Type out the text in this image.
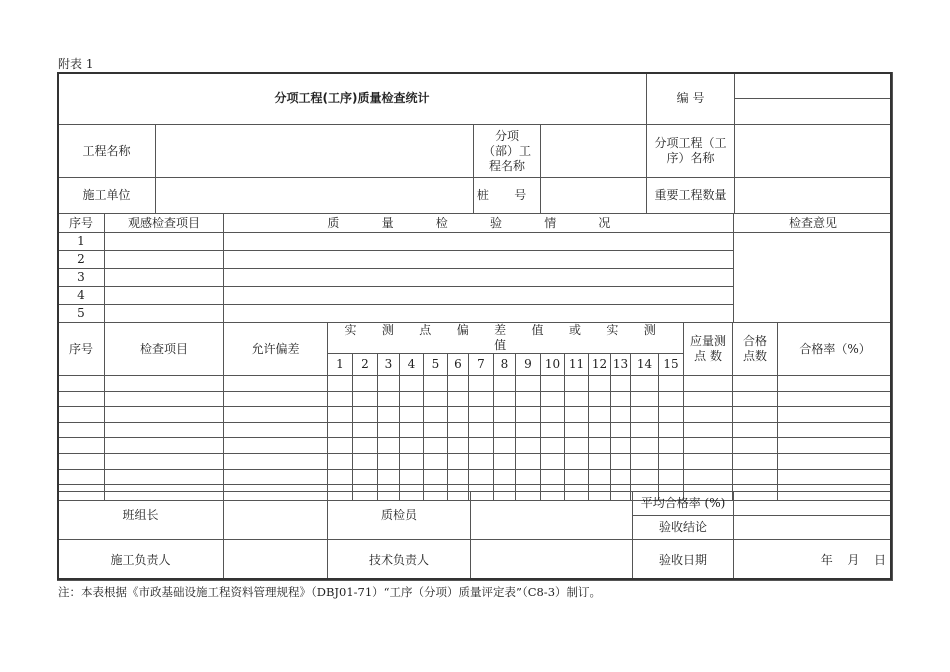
附表 1
分项工程(工序)质量检查统计				编 号	

工程名称		分项（部）工程名称		分项工程（工序）名称	
施工单位		桩 号		重要工程数量	
序号	观感检查项目	质 量 检 验 情 况	检查意见
1			
2			
3			
4			
5			
序号	检查项目	允许偏差	实 测 点 偏 差 值 或 实 测 值															应量测点 数	合格点数	合格率（%）
			1	2	3	4	5	6	7	8	9	10	11	12	13	14	15			

班组长		质检员		平均合格率 (%)	
				验收结论	
施工负责人		技术负责人		验收日期	年 月 日
注：本表根据《市政基础设施工程资料管理规程》（DBJ01-71）“工序（分项）质量评定表”（C8-3）制订。
